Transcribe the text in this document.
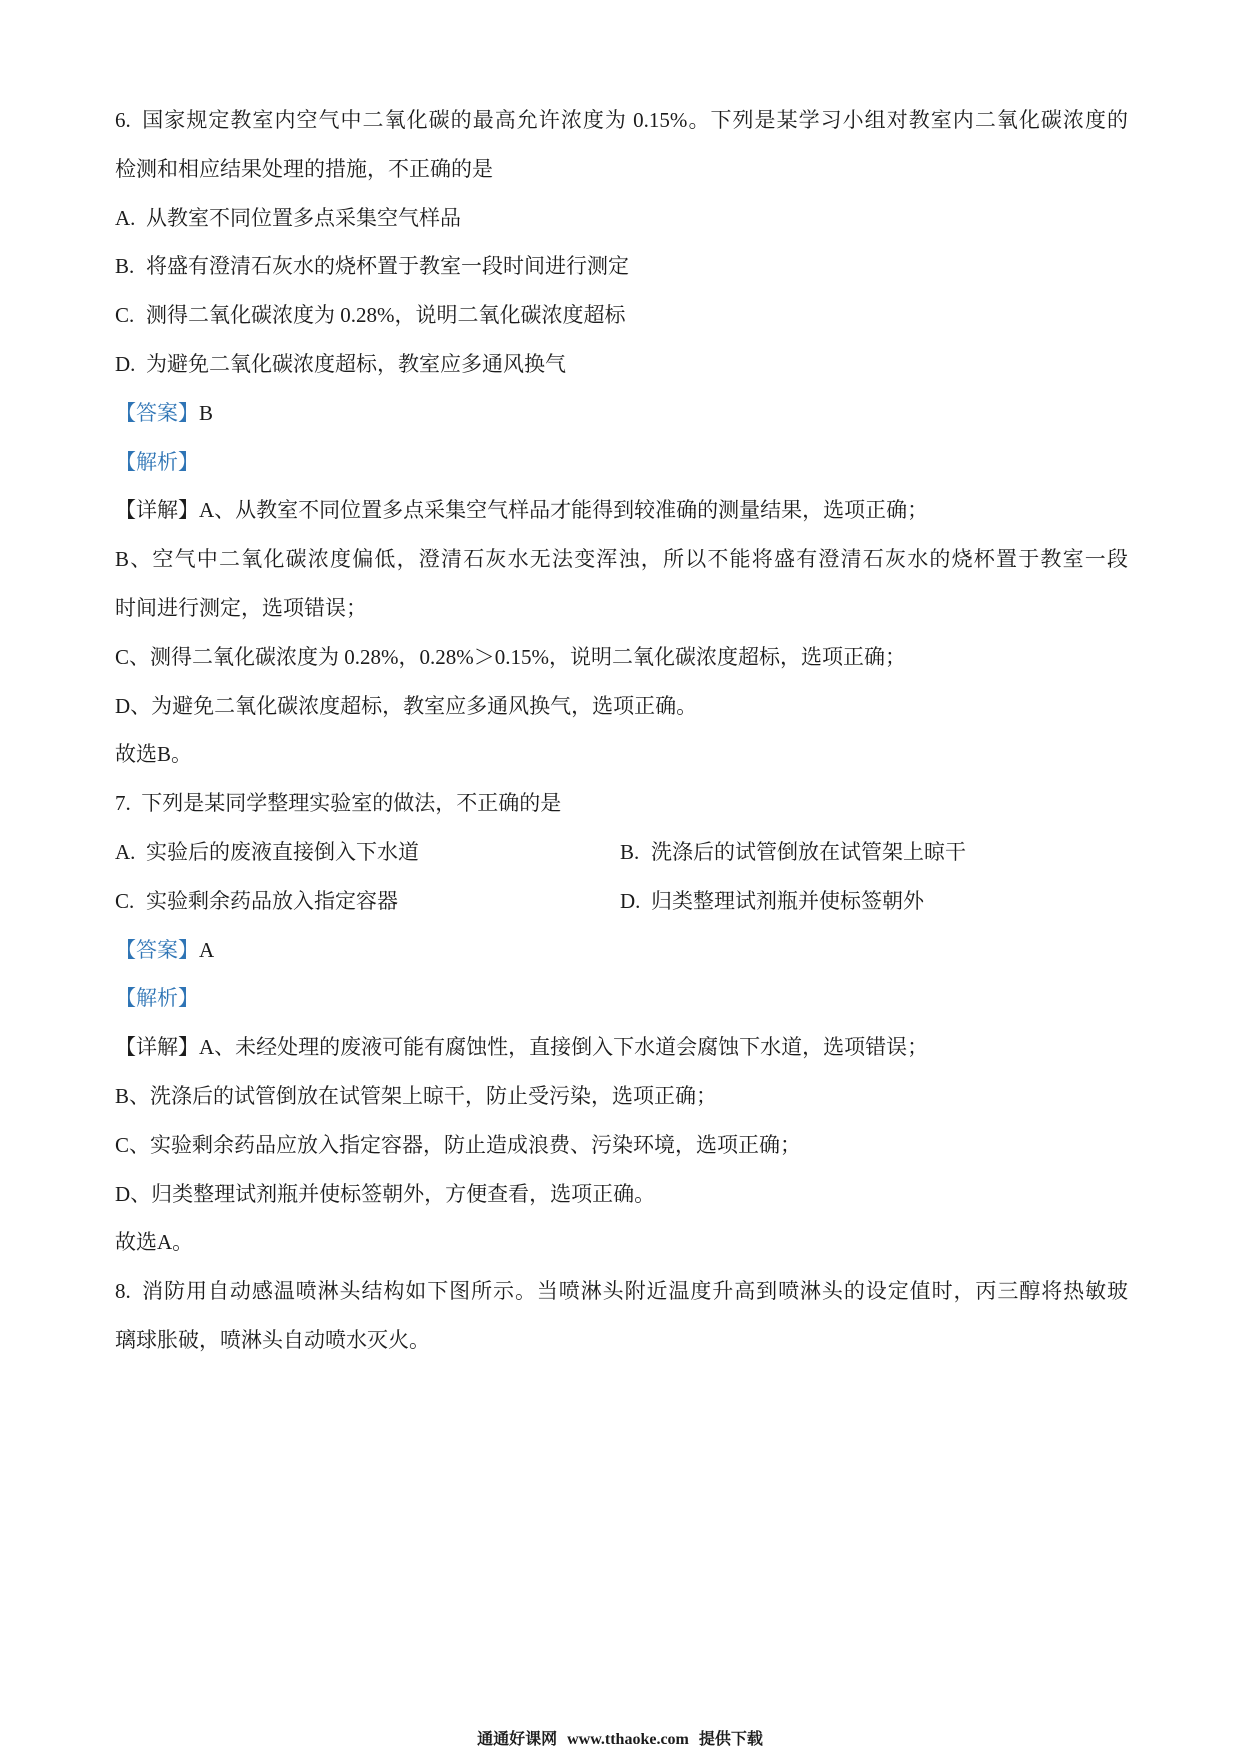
6. 国家规定教室内空气中二氧化碳的最高允许浓度为 0.15%。下列是某学习小组对教室内二氧化碳浓度的
检测和相应结果处理的措施，不正确的是
A. 从教室不同位置多点采集空气样品
B. 将盛有澄清石灰水的烧杯置于教室一段时间进行测定
C. 测得二氧化碳浓度为 0.28%，说明二氧化碳浓度超标
D. 为避免二氧化碳浓度超标，教室应多通风换气
【答案】B
【解析】
【详解】A、从教室不同位置多点采集空气样品才能得到较准确的测量结果，选项正确；
B、空气中二氧化碳浓度偏低，澄清石灰水无法变浑浊，所以不能将盛有澄清石灰水的烧杯置于教室一段
时间进行测定，选项错误；
C、测得二氧化碳浓度为 0.28%，0.28%＞0.15%，说明二氧化碳浓度超标，选项正确；
D、为避免二氧化碳浓度超标，教室应多通风换气，选项正确。
故选B。
7. 下列是某同学整理实验室的做法，不正确的是
A. 实验后的废液直接倒入下水道	B. 洗涤后的试管倒放在试管架上晾干
C. 实验剩余药品放入指定容器	D. 归类整理试剂瓶并使标签朝外
【答案】A
【解析】
【详解】A、未经处理的废液可能有腐蚀性，直接倒入下水道会腐蚀下水道，选项错误；
B、洗涤后的试管倒放在试管架上晾干，防止受污染，选项正确；
C、实验剩余药品应放入指定容器，防止造成浪费、污染环境，选项正确；
D、归类整理试剂瓶并使标签朝外，方便查看，选项正确。
故选A。
8. 消防用自动感温喷淋头结构如下图所示。当喷淋头附近温度升高到喷淋头的设定值时，丙三醇将热敏玻
璃球胀破，喷淋头自动喷水灭火。
通通好课网 www.tthaoke.com 提供下载
